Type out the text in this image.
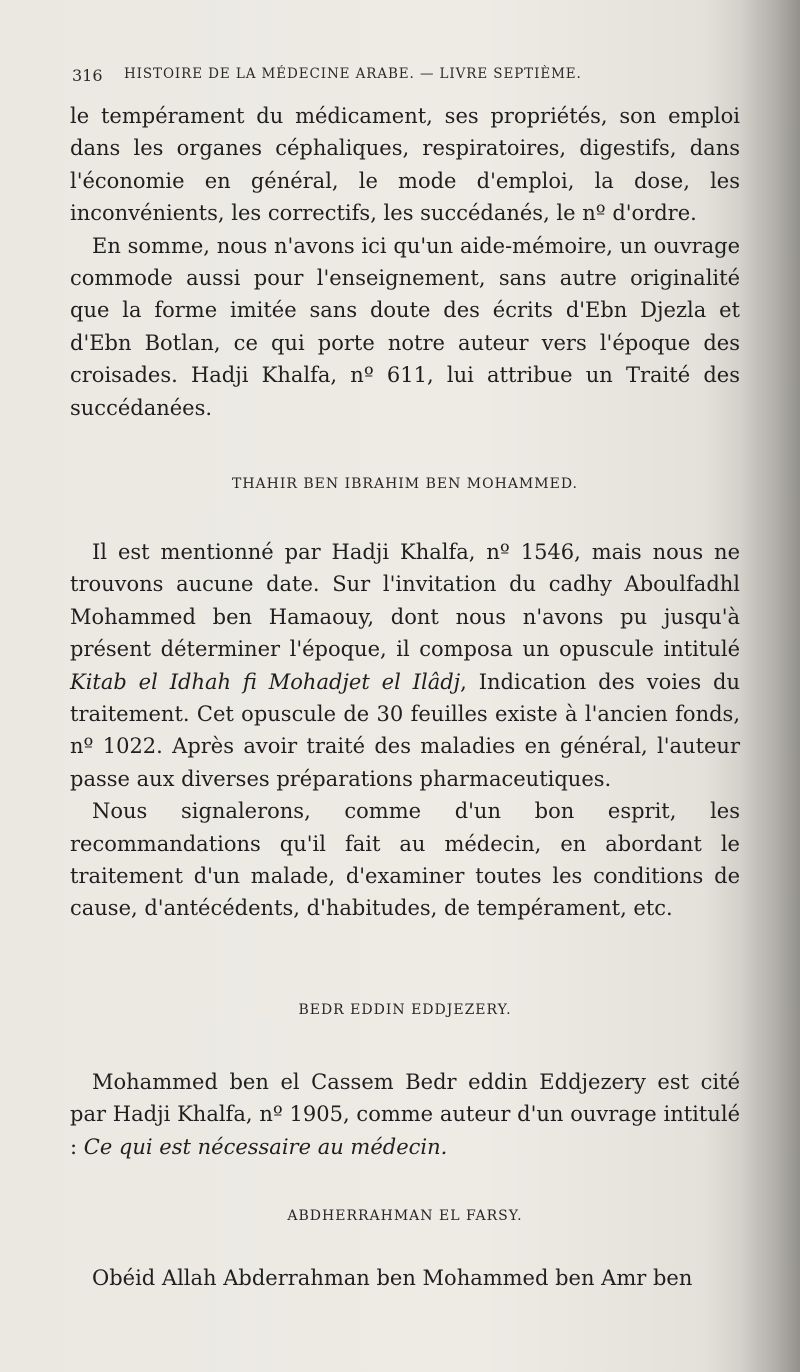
316	HISTOIRE DE LA MÉDECINE ARABE. — LIVRE SEPTIÈME.

le tempérament du médicament, ses propriétés, son emploi dans les organes céphaliques, respiratoires, digestifs, dans l'économie en général, le mode d'emploi, la dose, les inconvénients, les correctifs, les succédanés, le nº d'ordre.

En somme, nous n'avons ici qu'un aide-mémoire, un ouvrage commode aussi pour l'enseignement, sans autre originalité que la forme imitée sans doute des écrits d'Ebn Djezla et d'Ebn Botlan, ce qui porte notre auteur vers l'époque des croisades. Hadji Khalfa, nº 611, lui attribue un Traité des succédanées.

THAHIR BEN IBRAHIM BEN MOHAMMED.

Il est mentionné par Hadji Khalfa, nº 1546, mais nous ne trouvons aucune date. Sur l'invitation du cadhy Aboulfadhl Mohammed ben Hamaouy, dont nous n'avons pu jusqu'à présent déterminer l'époque, il composa un opuscule intitulé Kitab el Idhah fi Mohadjet el Ilâdj, Indication des voies du traitement. Cet opuscule de 30 feuilles existe à l'ancien fonds, nº 1022. Après avoir traité des maladies en général, l'auteur passe aux diverses préparations pharmaceutiques.

Nous signalerons, comme d'un bon esprit, les recommandations qu'il fait au médecin, en abordant le traitement d'un malade, d'examiner toutes les conditions de cause, d'antécédents, d'habitudes, de tempérament, etc.

BEDR EDDIN EDDJEZERY.

Mohammed ben el Cassem Bedr eddin Eddjezery est cité par Hadji Khalfa, nº 1905, comme auteur d'un ouvrage intitulé : Ce qui est nécessaire au médecin.

ABDHERRAHMAN EL FARSY.

Obéid Allah Abderrahman ben Mohammed ben Amr ben
